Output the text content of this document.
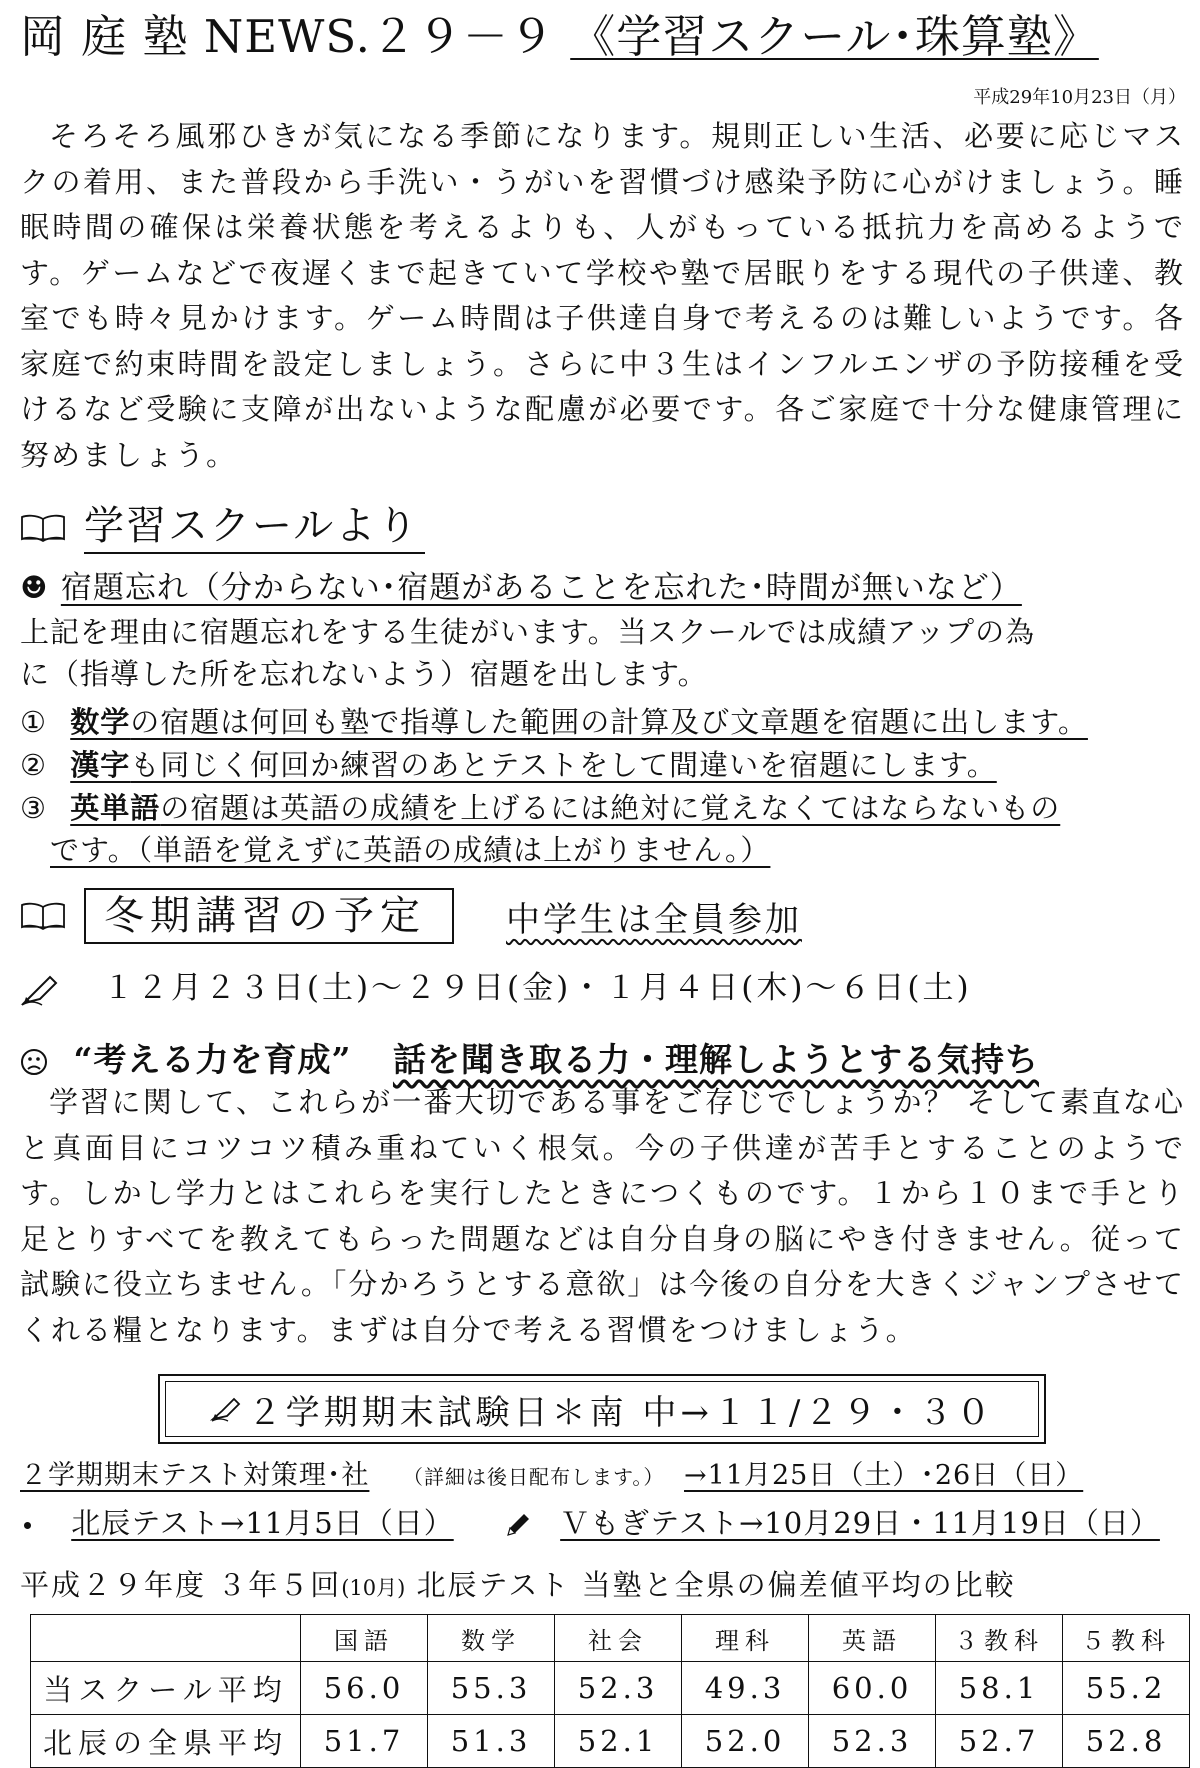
岡 庭 塾 NEWS.２９－９ 《学習スクール･珠算塾》
平成29年10月23日（月）

そろそろ風邪ひきが気になる季節になります。規則正しい生活、必要に応じマスクの着用、また普段から手洗い・うがいを習慣づけ感染予防に心がけましょう。睡眠時間の確保は栄養状態を考えるよりも、人がもっている抵抗力を高めるようです。ゲームなどで夜遅くまで起きていて学校や塾で居眠りをする現代の子供達、教室でも時々見かけます。ゲーム時間は子供達自身で考えるのは難しいようです。各家庭で約束時間を設定しましょう。さらに中３生はインフルエンザの予防接種を受けるなど受験に支障が出ないような配慮が必要です。各ご家庭で十分な健康管理に努めましょう。

学習スクールより
☻ 宿題忘れ（分からない･宿題があることを忘れた･時間が無いなど）
上記を理由に宿題忘れをする生徒がいます。当スクールでは成績アップの為
に（指導した所を忘れないよう）宿題を出します。
① 数学の宿題は何回も塾で指導した範囲の計算及び文章題を宿題に出します。
② 漢字も同じく何回か練習のあとテストをして間違いを宿題にします。
③ 英単語の宿題は英語の成績を上げるには絶対に覚えなくてはならないもの
です。（単語を覚えずに英語の成績は上がりません。）
冬期講習の予定	中学生は全員参加
１２月２３日(土)～２９日(金)・１月４日(木)～６日(土)
“考える力を育成” 話を聞き取る力・理解しようとする気持ち

学習に関して、これらが一番大切である事をご存じでしょうか？ そして素直な心と真面目にコツコツ積み重ねていく根気。今の子供達が苦手とすることのようです。しかし学力とはこれらを実行したときにつくものです。１から１０まで手とり足とりすべてを教えてもらった問題などは自分自身の脳にやき付きません。従って試験に役立ちません。「分かろうとする意欲」は今後の自分を大きくジャンプさせてくれる糧となります。まずは自分で考える習慣をつけましょう。

２学期期末試験日＊南 中→１１/２９・３０
２学期期末テスト対策理･社 （詳細は後日配布します。） →11月25日（土）･26日（日）
北辰テスト→11月5日（日）	Ｖもぎテスト→10月29日・11月19日（日）
平成２９年度 ３年５回(10月) 北辰テスト 当塾と全県の偏差値平均の比較
	国語	数学	社会	理科	英語	３教科	５教科
当スクール平均	56.0	55.3	52.3	49.3	60.0	58.1	55.2
北辰の全県平均	51.7	51.3	52.1	52.0	52.3	52.7	52.8
